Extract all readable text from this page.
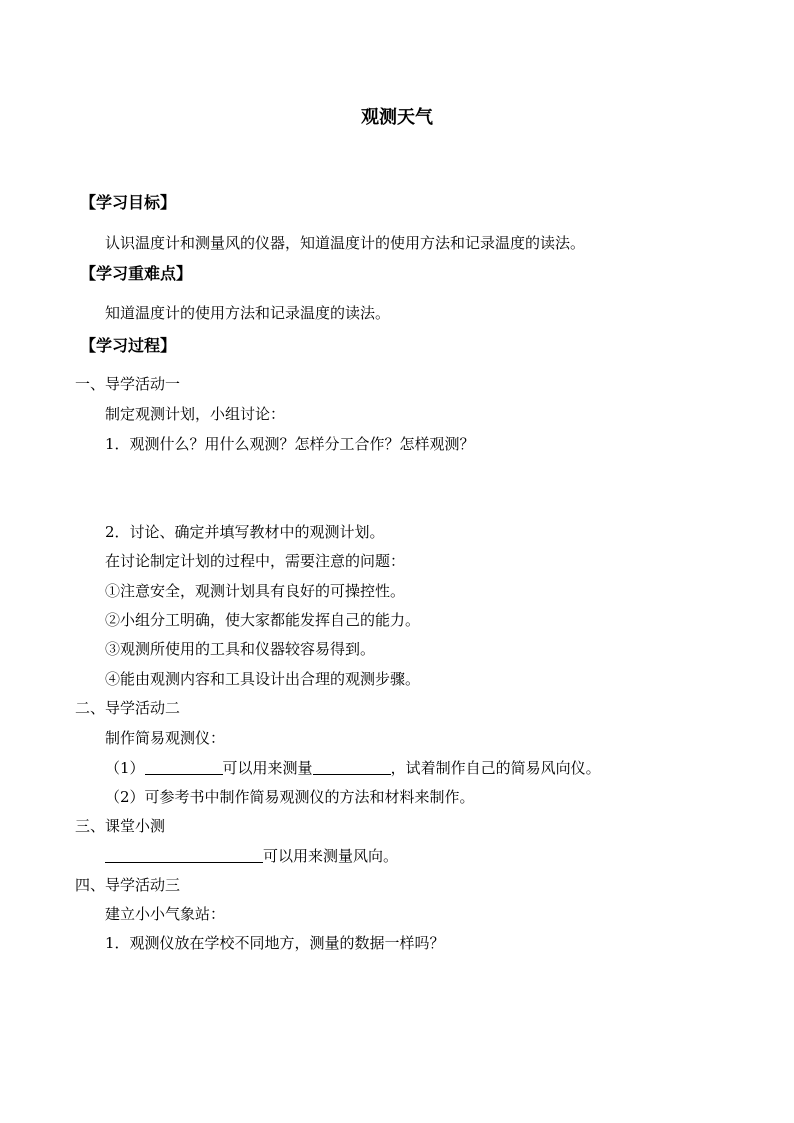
观测天气
【学习目标】
认识温度计和测量风的仪器，知道温度计的使用方法和记录温度的读法。
【学习重难点】
知道温度计的使用方法和记录温度的读法。
【学习过程】
一、导学活动一
制定观测计划，小组讨论：
1．观测什么？用什么观测？怎样分工合作？怎样观测？
2．讨论、确定并填写教材中的观测计划。
在讨论制定计划的过程中，需要注意的问题：
①注意安全，观测计划具有良好的可操控性。
②小组分工明确，使大家都能发挥自己的能力。
③观测所使用的工具和仪器较容易得到。
④能由观测内容和工具设计出合理的观测步骤。
二、导学活动二
制作简易观测仪：
（1）	可以用来测量	，试着制作自己的简易风向仪。
（2）可参考书中制作简易观测仪的方法和材料来制作。
三、课堂小测
可以用来测量风向。
四、导学活动三
建立小小气象站：
1．观测仪放在学校不同地方，测量的数据一样吗？
